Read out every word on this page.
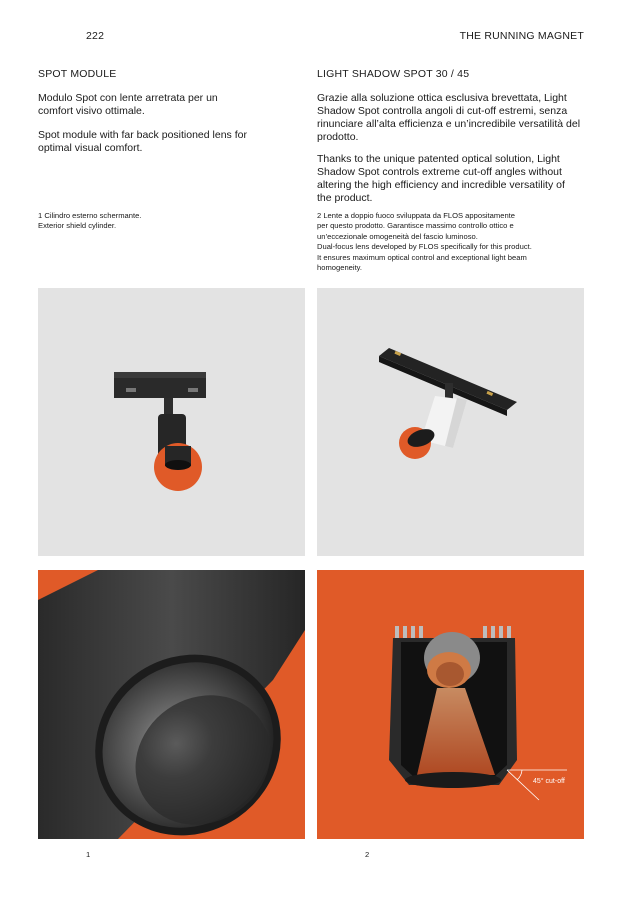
222	THE RUNNING MAGNET
SPOT MODULE
Modulo Spot con lente arretrata per un
comfort visivo ottimale.
Spot module with far back positioned lens for
optimal visual comfort.
1 Cilindro esterno schermante.
Exterior shield cylinder.
LIGHT SHADOW SPOT 30 / 45
Grazie alla soluzione ottica esclusiva brevettata, Light
Shadow Spot controlla angoli di cut-off estremi, senza
rinunciare all’alta efficienza e un’incredibile versatilità del
prodotto.
Thanks to the unique patented optical solution, Light
Shadow Spot controls extreme cut-off angles without
altering the high efficiency and incredible versatility of
the product.
2 Lente a doppio fuoco sviluppata da FLOS appositamente
per questo prodotto. Garantisce massimo controllo ottico e
un’eccezionale omogeneità del fascio luminoso.
Dual-focus lens developed by FLOS specifically for this product.
It ensures maximum optical control and exceptional light beam
homogeneity.
45° cut-off
1	2
